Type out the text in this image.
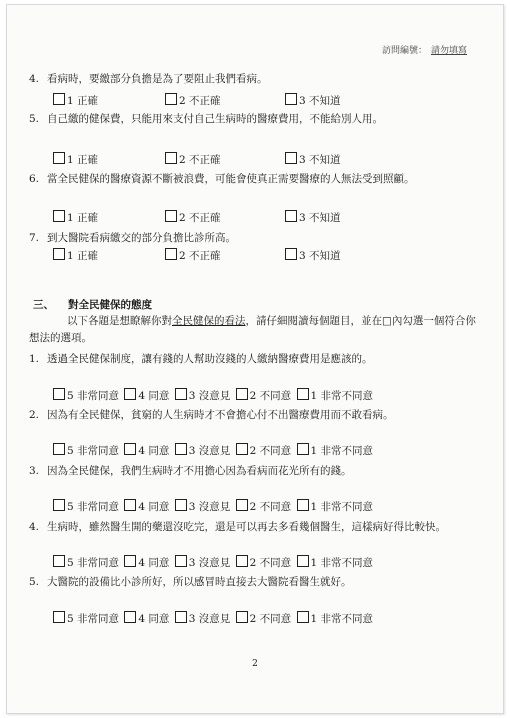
訪問編號： 請勿填寫
4. 看病時，要繳部分負擔是為了要阻止我們看病。
1 正確	2 不正確	3 不知道
5. 自己繳的健保費，只能用來支付自己生病時的醫療費用，不能給別人用。
1 正確	2 不正確	3 不知道
6. 當全民健保的醫療資源不斷被浪費，可能會使真正需要醫療的人無法受到照顧。
1 正確	2 不正確	3 不知道
7. 到大醫院看病繳交的部分負擔比診所高。
1 正確	2 不正確	3 不知道
三、 對全民健保的態度
以下各題是想瞭解你對全民健保的看法，請仔細閱讀每個題目，並在□內勾選一個符合你想法的選項。
1. 透過全民健保制度，讓有錢的人幫助沒錢的人繳納醫療費用是應該的。
5 非常同意 4 同意 3 沒意見 2 不同意 1 非常不同意
2. 因為有全民健保，貧窮的人生病時才不會擔心付不出醫療費用而不敢看病。
5 非常同意 4 同意 3 沒意見 2 不同意 1 非常不同意
3. 因為全民健保，我們生病時才不用擔心因為看病而花光所有的錢。
5 非常同意 4 同意 3 沒意見 2 不同意 1 非常不同意
4. 生病時，雖然醫生開的藥還沒吃完，還是可以再去多看幾個醫生，這樣病好得比較快。
5 非常同意 4 同意 3 沒意見 2 不同意 1 非常不同意
5. 大醫院的設備比小診所好，所以感冒時直接去大醫院看醫生就好。
5 非常同意 4 同意 3 沒意見 2 不同意 1 非常不同意
2
